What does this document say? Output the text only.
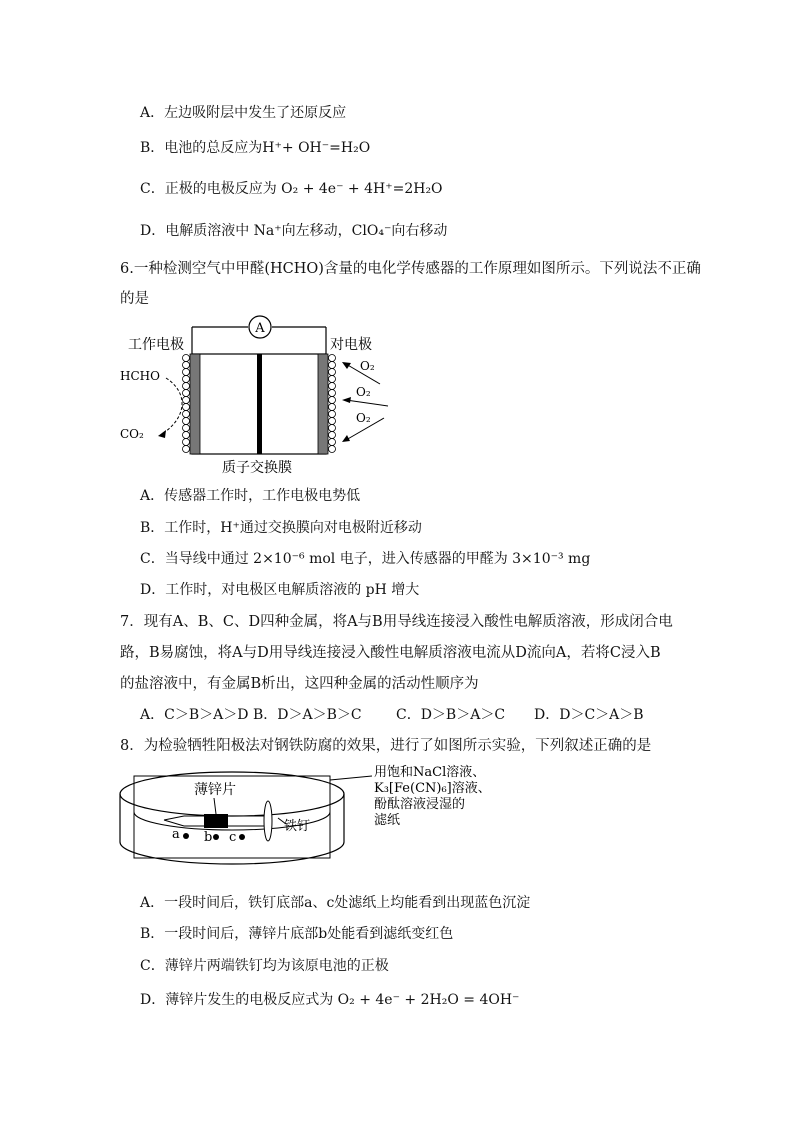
A．左边吸附层中发生了还原反应
B．电池的总反应为H⁺+ OH⁻=H₂O
C．正极的电极反应为 O₂ + 4e⁻ + 4H⁺=2H₂O
D．电解质溶液中 Na⁺向左移动，ClO₄⁻向右移动
6.一种检测空气中甲醛(HCHO)含量的电化学传感器的工作原理如图所示。下列说法不正确
的是
A
工作电极	对电极
HCHO
CO₂
O₂
O₂
O₂
质子交换膜
A．传感器工作时，工作电极电势低
B．工作时，H⁺通过交换膜向对电极附近移动
C．当导线中通过 2×10⁻⁶ mol 电子，进入传感器的甲醛为 3×10⁻³ mg
D．工作时，对电极区电解质溶液的 pH 增大
7．现有A、B、C、D四种金属，将A与B用导线连接浸入酸性电解质溶液，形成闭合电
路，B易腐蚀，将A与D用导线连接浸入酸性电解质溶液电流从D流向A，若将C浸入B
的盐溶液中，有金属B析出，这四种金属的活动性顺序为
A．C＞B＞A＞D B．D＞A＞B＞C C．D＞B＞A＞C D．D＞C＞A＞B
8．为检验牺牲阳极法对钢铁防腐的效果，进行了如图所示实验，下列叙述正确的是
薄锌片
铁钉
a b c
用饱和NaCl溶液、
K₃[Fe(CN)₆]溶液、
酚酞溶液浸湿的
滤纸
A．一段时间后，铁钉底部a、c处滤纸上均能看到出现蓝色沉淀
B．一段时间后，薄锌片底部b处能看到滤纸变红色
C．薄锌片两端铁钉均为该原电池的正极
D．薄锌片发生的电极反应式为 O₂ + 4e⁻ + 2H₂O = 4OH⁻
